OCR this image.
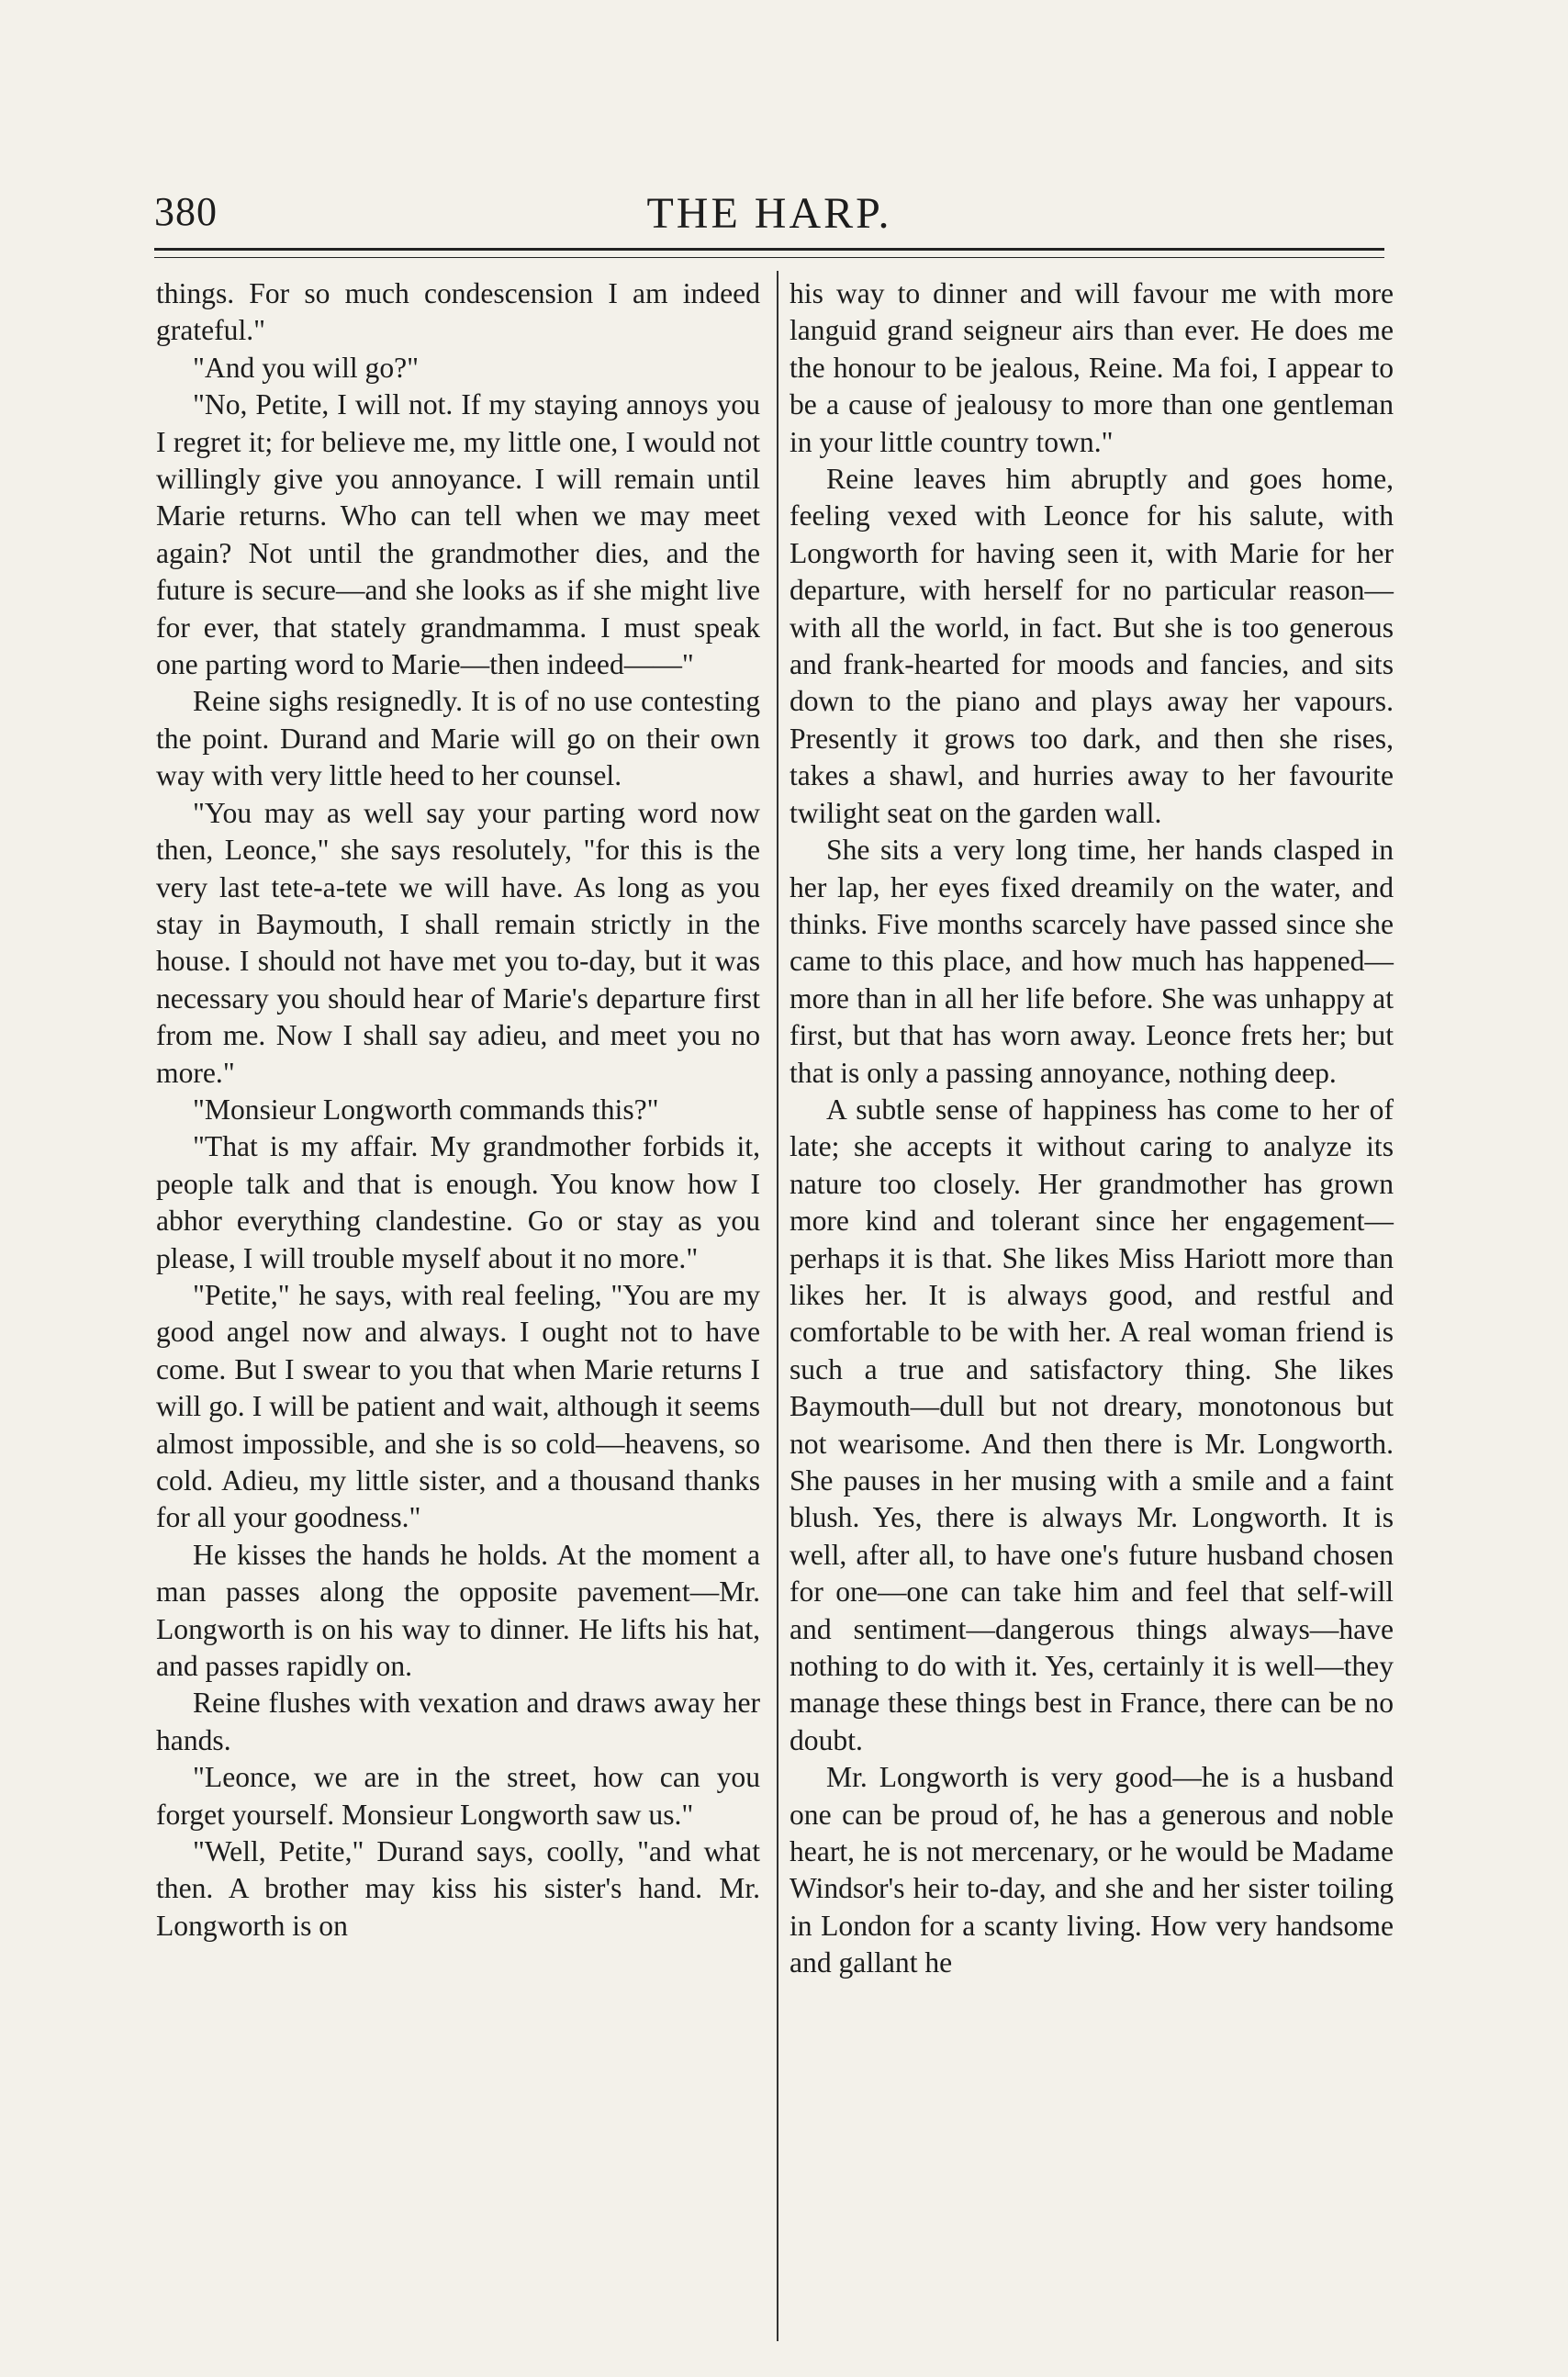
380	THE HARP.

things. For so much condescension I am indeed grateful."

"And you will go?"

"No, Petite, I will not. If my staying annoys you I regret it; for believe me, my little one, I would not willingly give you annoyance. I will remain until Marie returns. Who can tell when we may meet again? Not until the grandmother dies, and the future is secure—and she looks as if she might live for ever, that stately grandmamma. I must speak one parting word to Marie—then indeed——"

Reine sighs resignedly. It is of no use contesting the point. Durand and Marie will go on their own way with very little heed to her counsel.

"You may as well say your parting word now then, Leonce," she says resolutely, "for this is the very last tete-a-tete we will have. As long as you stay in Baymouth, I shall remain strictly in the house. I should not have met you to-day, but it was necessary you should hear of Marie's departure first from me. Now I shall say adieu, and meet you no more."

"Monsieur Longworth commands this?"

"That is my affair. My grandmother forbids it, people talk and that is enough. You know how I abhor everything clandestine. Go or stay as you please, I will trouble myself about it no more."

"Petite," he says, with real feeling, "You are my good angel now and always. I ought not to have come. But I swear to you that when Marie returns I will go. I will be patient and wait, although it seems almost impossible, and she is so cold—heavens, so cold. Adieu, my little sister, and a thousand thanks for all your goodness."

He kisses the hands he holds. At the moment a man passes along the opposite pavement—Mr. Longworth is on his way to dinner. He lifts his hat, and passes rapidly on.

Reine flushes with vexation and draws away her hands.

"Leonce, we are in the street, how can you forget yourself. Monsieur Longworth saw us."

"Well, Petite," Durand says, coolly, "and what then. A brother may kiss his sister's hand. Mr. Longworth is on

his way to dinner and will favour me with more languid grand seigneur airs than ever. He does me the honour to be jealous, Reine. Ma foi, I appear to be a cause of jealousy to more than one gentleman in your little country town."

Reine leaves him abruptly and goes home, feeling vexed with Leonce for his salute, with Longworth for having seen it, with Marie for her departure, with herself for no particular reason—with all the world, in fact. But she is too generous and frank-hearted for moods and fancies, and sits down to the piano and plays away her vapours. Presently it grows too dark, and then she rises, takes a shawl, and hurries away to her favourite twilight seat on the garden wall.

She sits a very long time, her hands clasped in her lap, her eyes fixed dreamily on the water, and thinks. Five months scarcely have passed since she came to this place, and how much has happened—more than in all her life before. She was unhappy at first, but that has worn away. Leonce frets her; but that is only a passing annoyance, nothing deep.

A subtle sense of happiness has come to her of late; she accepts it without caring to analyze its nature too closely. Her grandmother has grown more kind and tolerant since her engagement—perhaps it is that. She likes Miss Hariott more than likes her. It is always good, and restful and comfortable to be with her. A real woman friend is such a true and satisfactory thing. She likes Baymouth—dull but not dreary, monotonous but not wearisome. And then there is Mr. Longworth. She pauses in her musing with a smile and a faint blush. Yes, there is always Mr. Longworth. It is well, after all, to have one's future husband chosen for one—one can take him and feel that self-will and sentiment—dangerous things always—have nothing to do with it. Yes, certainly it is well—they manage these things best in France, there can be no doubt.

Mr. Longworth is very good—he is a husband one can be proud of, he has a generous and noble heart, he is not mercenary, or he would be Madame Windsor's heir to-day, and she and her sister toiling in London for a scanty living. How very handsome and gallant he
